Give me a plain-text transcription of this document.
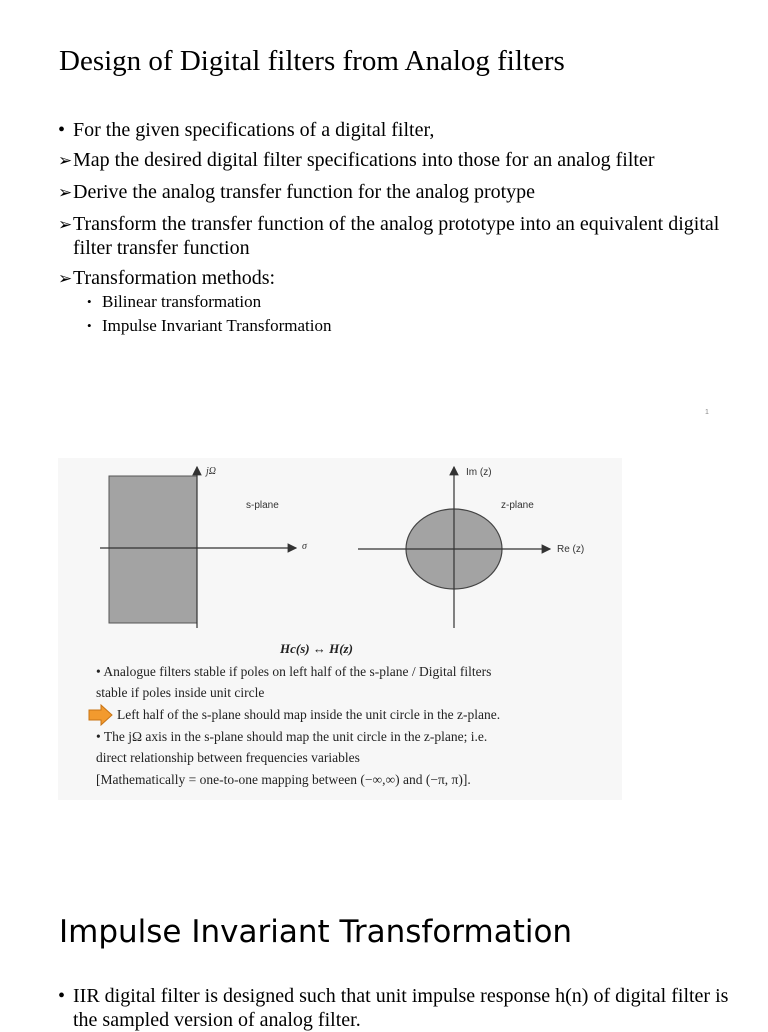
Design of Digital filters from Analog filters
• For the given specifications of a digital filter,
➢ Map the desired digital filter specifications into those for an analog filter
➢ Derive the analog transfer function for the analog protype
➢ Transform the transfer function of the analog prototype into an equivalent digital filter transfer function
➢ Transformation methods:
• Bilinear transformation
• Impulse Invariant Transformation
1
jΩ
s-plane
σ
Im (z)
z-plane
Re (z)
Hc(s) ↔ H(z)
• Analogue filters stable if poles on left half of the s-plane / Digital filters
stable if poles inside unit circle
Left half of the s-plane should map inside the unit circle in the z-plane.
• The jΩ axis in the s-plane should map the unit circle in the z-plane; i.e.
direct relationship between frequencies variables
[Mathematically = one-to-one mapping between (−∞,∞) and (−π, π)].
Impulse Invariant Transformation
• IIR digital filter is designed such that unit impulse response h(n) of digital filter is the sampled version of analog filter.
